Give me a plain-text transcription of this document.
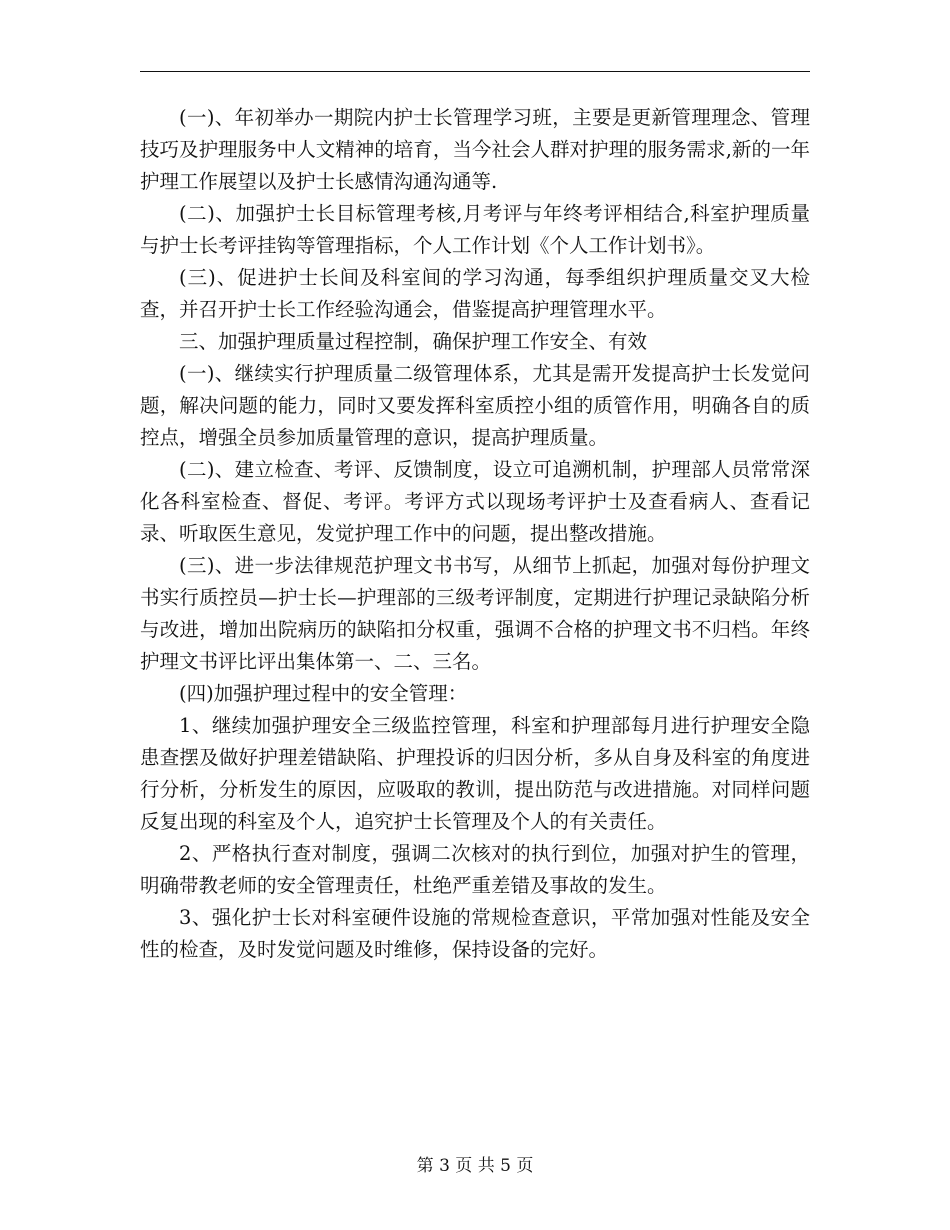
(一)、年初举办一期院内护士长管理学习班，主要是更新管理理念、管理技巧及护理服务中人文精神的培育，当今社会人群对护理的服务需求,新的一年护理工作展望以及护士长感情沟通沟通等.

(二)、加强护士长目标管理考核,月考评与年终考评相结合,科室护理质量与护士长考评挂钩等管理指标，个人工作计划《个人工作计划书》。

(三)、促进护士长间及科室间的学习沟通，每季组织护理质量交叉大检查，并召开护士长工作经验沟通会，借鉴提高护理管理水平。

三、加强护理质量过程控制，确保护理工作安全、有效

(一)、继续实行护理质量二级管理体系，尤其是需开发提高护士长发觉问题，解决问题的能力，同时又要发挥科室质控小组的质管作用，明确各自的质控点，增强全员参加质量管理的意识，提高护理质量。

(二)、建立检查、考评、反馈制度，设立可追溯机制，护理部人员常常深化各科室检查、督促、考评。考评方式以现场考评护士及查看病人、查看记录、听取医生意见，发觉护理工作中的问题，提出整改措施。

(三)、进一步法律规范护理文书书写，从细节上抓起，加强对每份护理文书实行质控员—护士长—护理部的三级考评制度，定期进行护理记录缺陷分析与改进，增加出院病历的缺陷扣分权重，强调不合格的护理文书不归档。年终护理文书评比评出集体第一、二、三名。

(四)加强护理过程中的安全管理：

1、继续加强护理安全三级监控管理，科室和护理部每月进行护理安全隐患查摆及做好护理差错缺陷、护理投诉的归因分析，多从自身及科室的角度进行分析，分析发生的原因，应吸取的教训，提出防范与改进措施。对同样问题反复出现的科室及个人，追究护士长管理及个人的有关责任。

2、严格执行查对制度，强调二次核对的执行到位，加强对护生的管理，明确带教老师的安全管理责任，杜绝严重差错及事故的发生。

3、强化护士长对科室硬件设施的常规检查意识，平常加强对性能及安全性的检查，及时发觉问题及时维修，保持设备的完好。

第 3 页 共 5 页
